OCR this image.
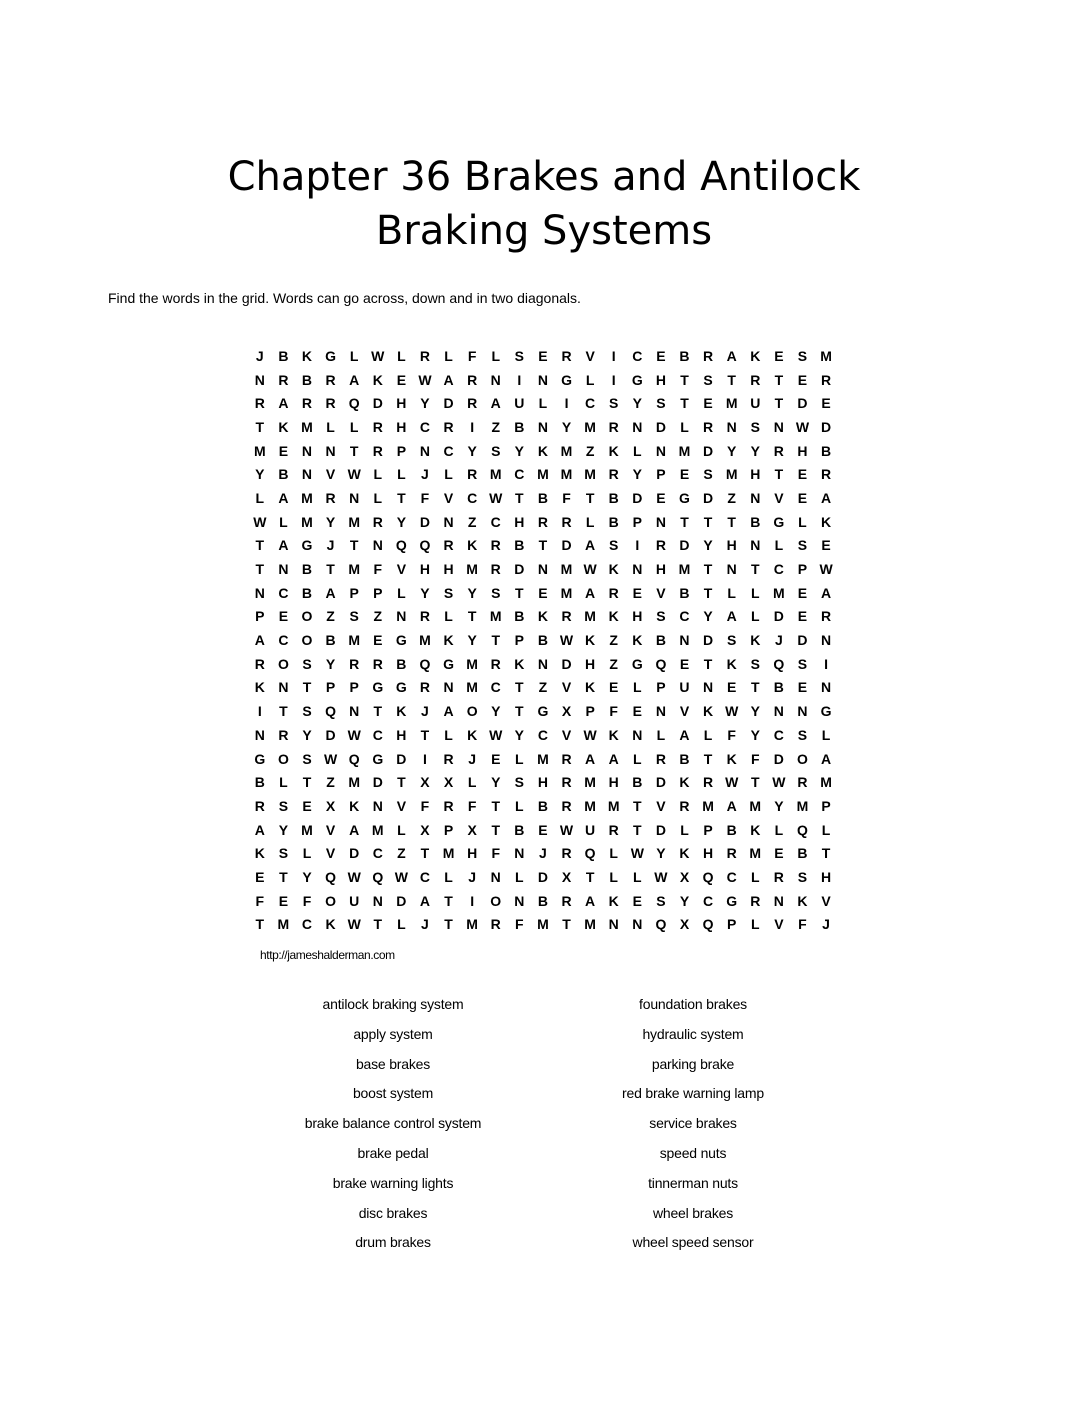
Chapter 36 Brakes and Antilock Braking Systems
Find the words in the grid. Words can go across, down and in two diagonals.
J	B K G L W L	R	L	F	L	S	E R V	I	C E B R A K E	S M
N R B R A K E W A R N	I	N G L	I	G H	T	S	T	R	T	E R
R A R R Q D H Y D R A U	L	I	C S	Y	S	T	E M U	T	D E
T	K M L	L	R H C R	I	Z	B N Y M R N D	L	R N S N W D
M E N N	T	R P N C Y	S	Y K M Z	K	L	N M D Y	Y R H B
Y B N V W L	L	J	L	R M C M M M R Y	P	E	S M H	T	E R
L	A M R N	L	T	F	V C W T	B	F	T	B D E G D	Z	N V	E A
W L M Y M R Y D N	Z	C H R R	L	B P N	T	T	T	B G L	K
T	A G	J	T	N Q Q R K R B	T	D A S	I	R D Y H N	L	S	E
T	N B	T M F	V H H M R D N M W K N H M T	N	T	C P W
N C B A P	P	L	Y	S	Y	S	T	E M A R E	V B	T	L	L M E A
P	E O Z	S	Z	N R	L	T M B K R M K H S C Y A	L	D E R
A C O B M E G M K Y	T	P B W K	Z	K B N D S K	J	D N
R O S	Y R R B Q G M R K N D H	Z G Q E	T	K S Q S	I
K N	T	P	P G G R N M C	T	Z	V K E	L	P U N E	T	B E N
I	T	S Q N	T	K	J	A O Y	T G X	P	F	E N V K W Y N N G
N R Y D W C H	T	L	K W Y C V W K N	L	A	L	F	Y C S	L
G O S W Q G D	I	R	J	E	L M R A A	L	R B	T	K	F	D O A
B	L	T	Z M D	T	X	X	L	Y	S H R M H B D K R W T W R M
R S	E	X K N V	F	R	F	T	L	B R M M T	V R M A M Y M P
A Y M V A M L	X	P	X	T	B E W U R	T	D	L	P B K	L Q L
K S	L	V D C	Z	T M H	F	N	J	R Q L W Y K H R M E B	T
E	T	Y Q W Q W C	L	J	N	L	D X	T	L	L W X Q C	L	R S H
F	E	F O U N D A	T	I	O N B R A K E	S	Y C G R N K V
T M C K W T	L	J	T M R	F M T M N N Q X Q P	L	V	F	J
http://jameshalderman.com
antilock braking system
apply system
base brakes
boost system
brake balance control system
brake pedal
brake warning lights
disc brakes
drum brakes
foundation brakes
hydraulic system
parking brake
red brake warning lamp
service brakes
speed nuts
tinnerman nuts
wheel brakes
wheel speed sensor
